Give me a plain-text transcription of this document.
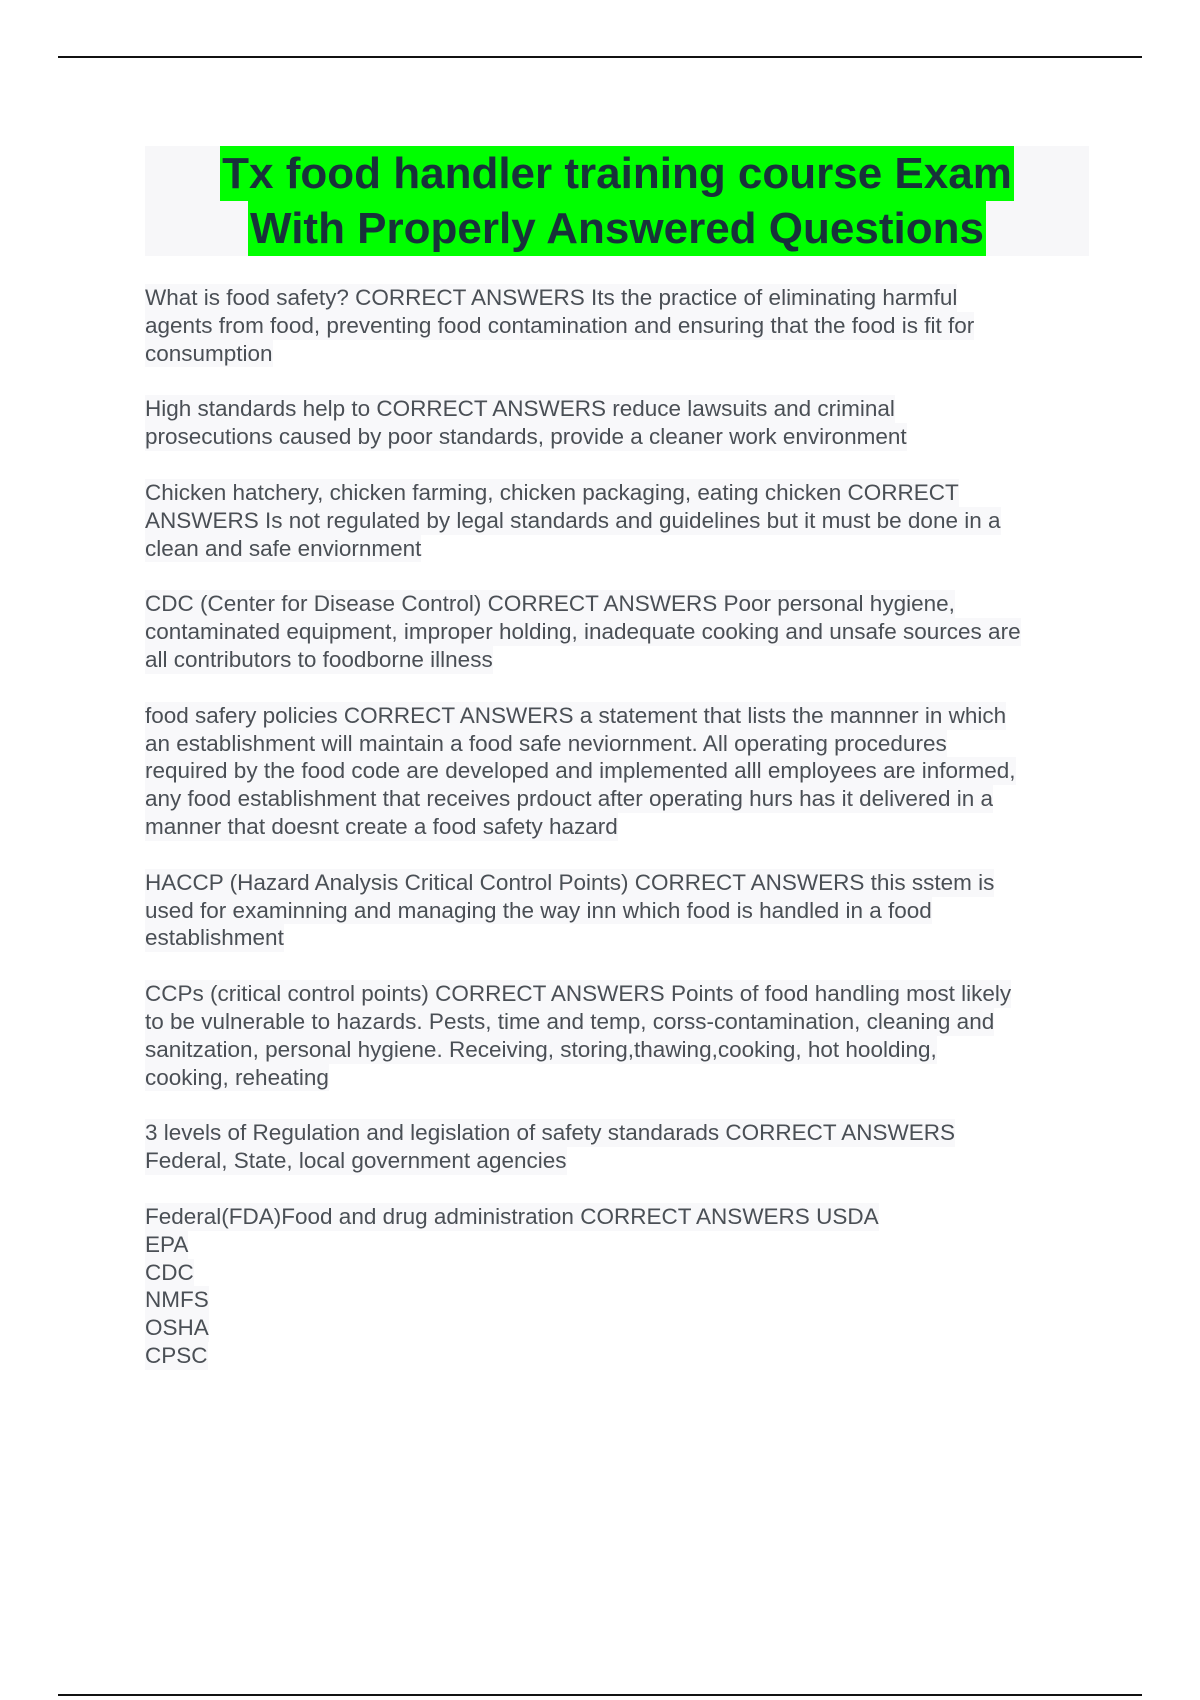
Tx food handler training course Exam
With Properly Answered Questions
What is food safety? CORRECT ANSWERS Its the practice of eliminating harmful
agents from food, preventing food contamination and ensuring that the food is fit for
consumption
High standards help to CORRECT ANSWERS reduce lawsuits and criminal
prosecutions caused by poor standards, provide a cleaner work environment
Chicken hatchery, chicken farming, chicken packaging, eating chicken CORRECT
ANSWERS Is not regulated by legal standards and guidelines but it must be done in a
clean and safe enviornment
CDC (Center for Disease Control) CORRECT ANSWERS Poor personal hygiene,
contaminated equipment, improper holding, inadequate cooking and unsafe sources are
all contributors to foodborne illness
food safery policies CORRECT ANSWERS a statement that lists the mannner in which
an establishment will maintain a food safe neviornment. All operating procedures
required by the food code are developed and implemented alll employees are informed,
any food establishment that receives prdouct after operating hurs has it delivered in a
manner that doesnt create a food safety hazard
HACCP (Hazard Analysis Critical Control Points) CORRECT ANSWERS this sstem is
used for examinning and managing the way inn which food is handled in a food
establishment
CCPs (critical control points) CORRECT ANSWERS Points of food handling most likely
to be vulnerable to hazards. Pests, time and temp, corss-contamination, cleaning and
sanitzation, personal hygiene. Receiving, storing,thawing,cooking, hot hoolding,
cooking, reheating
3 levels of Regulation and legislation of safety standarads CORRECT ANSWERS
Federal, State, local government agencies
Federal(FDA)Food and drug administration CORRECT ANSWERS USDA
EPA
CDC
NMFS
OSHA
CPSC
